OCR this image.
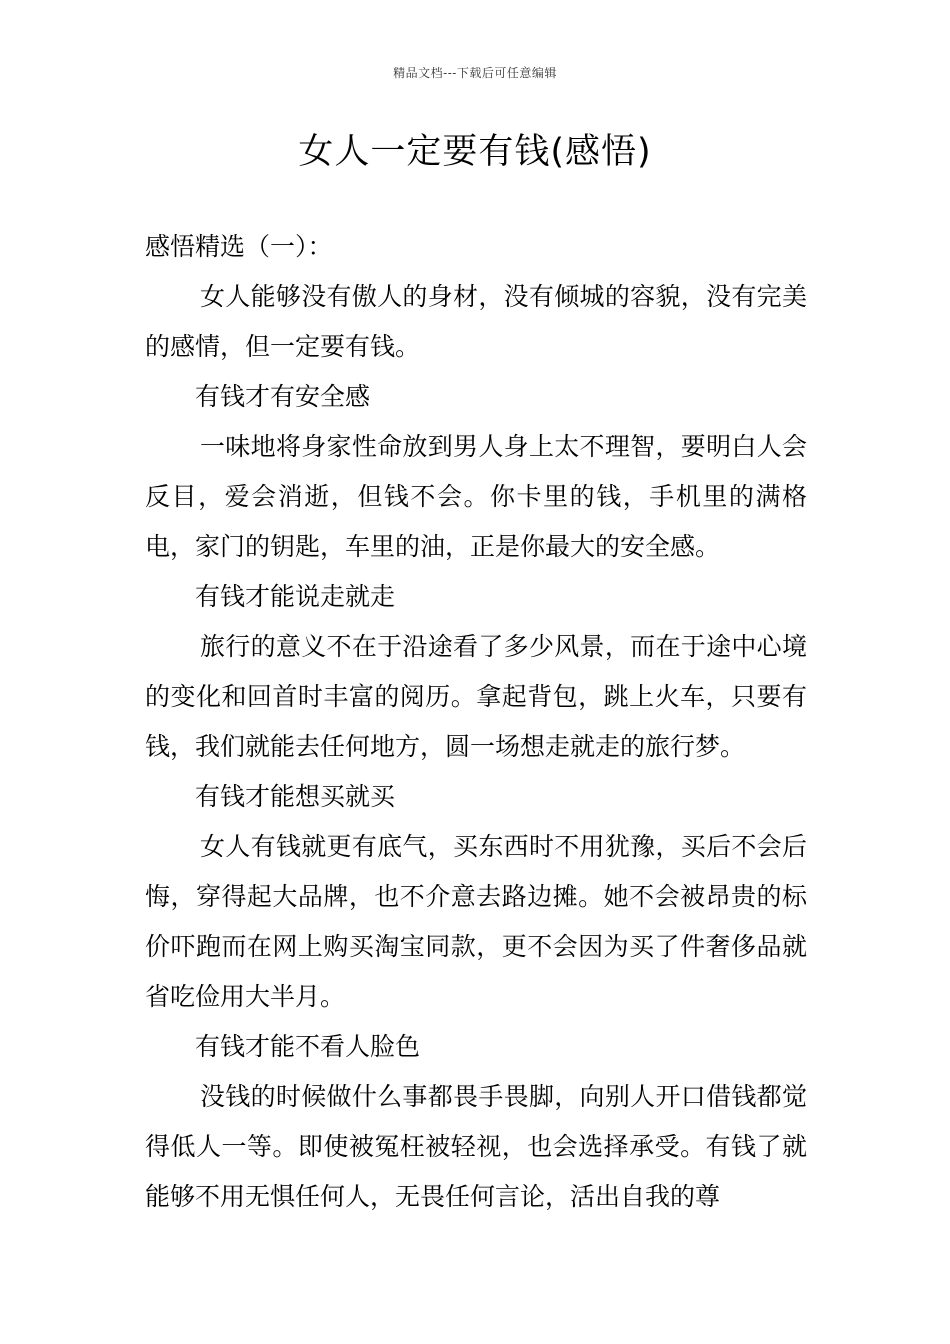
精品文档---下载后可任意编辑
女人一定要有钱(感悟)

感悟精选（一）：

女人能够没有傲人的身材，没有倾城的容貌，没有完美的感情，但一定要有钱。

有钱才有安全感

一味地将身家性命放到男人身上太不理智，要明白人会反目，爱会消逝，但钱不会。你卡里的钱，手机里的满格电，家门的钥匙，车里的油，正是你最大的安全感。

有钱才能说走就走

旅行的意义不在于沿途看了多少风景，而在于途中心境的变化和回首时丰富的阅历。拿起背包，跳上火车，只要有钱，我们就能去任何地方，圆一场想走就走的旅行梦。

有钱才能想买就买

女人有钱就更有底气，买东西时不用犹豫，买后不会后悔，穿得起大品牌，也不介意去路边摊。她不会被昂贵的标价吓跑而在网上购买淘宝同款，更不会因为买了件奢侈品就省吃俭用大半月。

有钱才能不看人脸色

没钱的时候做什么事都畏手畏脚，向别人开口借钱都觉得低人一等。即使被冤枉被轻视，也会选择承受。有钱了就能够不用无惧任何人，无畏任何言论，活出自我的尊
